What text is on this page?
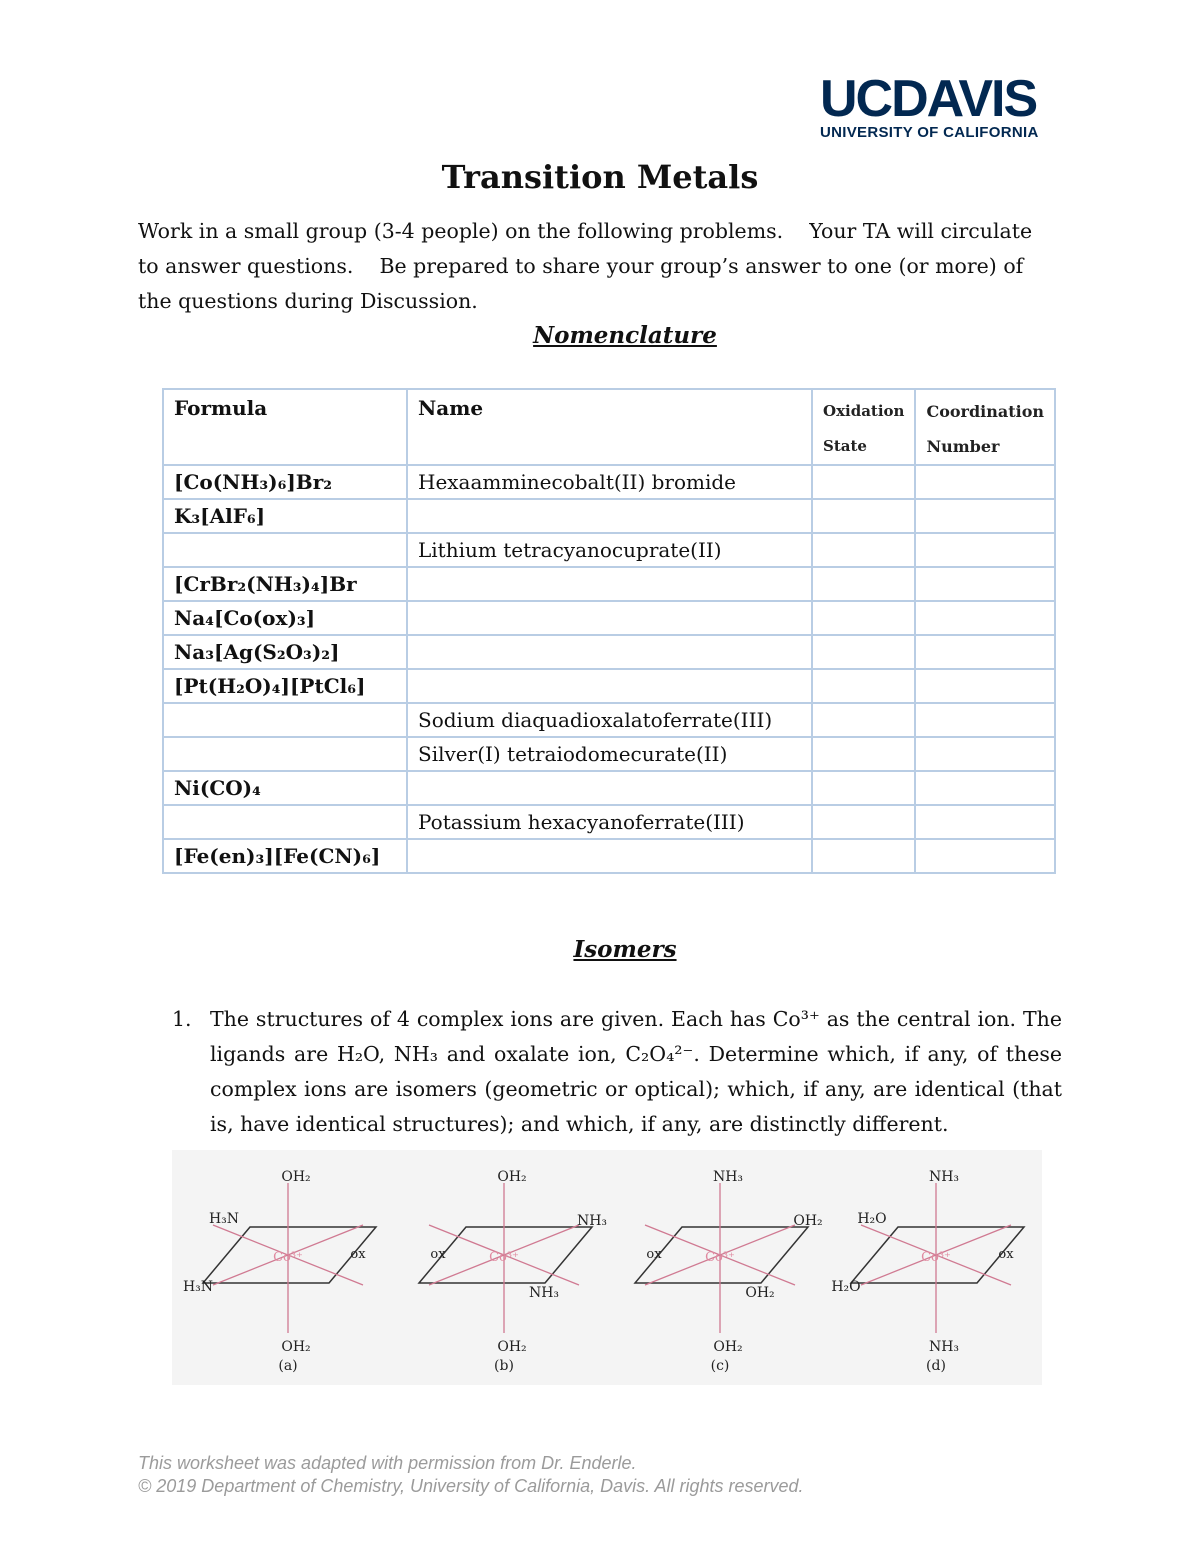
UCDAVIS
UNIVERSITY OF CALIFORNIA
Transition Metals
Work in a small group (3-4 people) on the following problems.    Your TA will circulate to answer questions.    Be prepared to share your group’s answer to one (or more) of the questions during Discussion.
Nomenclature
Formula	Name	Oxidation State	Coordination Number

[Co(NH₃)₆]Br₂	Hexaamminecobalt(II) bromide		
K₃[AlF₆]			
	Lithium tetracyanocuprate(II)		
[CrBr₂(NH₃)₄]Br			
Na₄[Co(ox)₃]			
Na₃[Ag(S₂O₃)₂]			
[Pt(H₂O)₄][PtCl₆]			
	Sodium diaquadioxalatoferrate(III)		
	Silver(I) tetraiodomecurate(II)		
Ni(CO)₄			
	Potassium hexacyanoferrate(III)		
[Fe(en)₃][Fe(CN)₆]			
Isomers
1. The structures of 4 complex ions are given. Each has Co³⁺ as the central ion. The ligands are H₂O, NH₃ and oxalate ion, C₂O₄²⁻. Determine which, if any, of these complex ions are isomers (geometric or optical); which, if any, are identical (that is, have identical structures); and which, if any, are distinctly different.
Co³⁺
OH₂
OH₂
H₃N
H₃N
ox
(a)
Co³⁺
OH₂
OH₂
NH₃
NH₃
ox
(b)
Co³⁺
NH₃
OH₂
OH₂
OH₂
ox
(c)
Co³⁺
NH₃
NH₃
H₂O
H₂O
ox
(d)
This worksheet was adapted with permission from Dr. Enderle.
© 2019 Department of Chemistry, University of California, Davis. All rights reserved.
